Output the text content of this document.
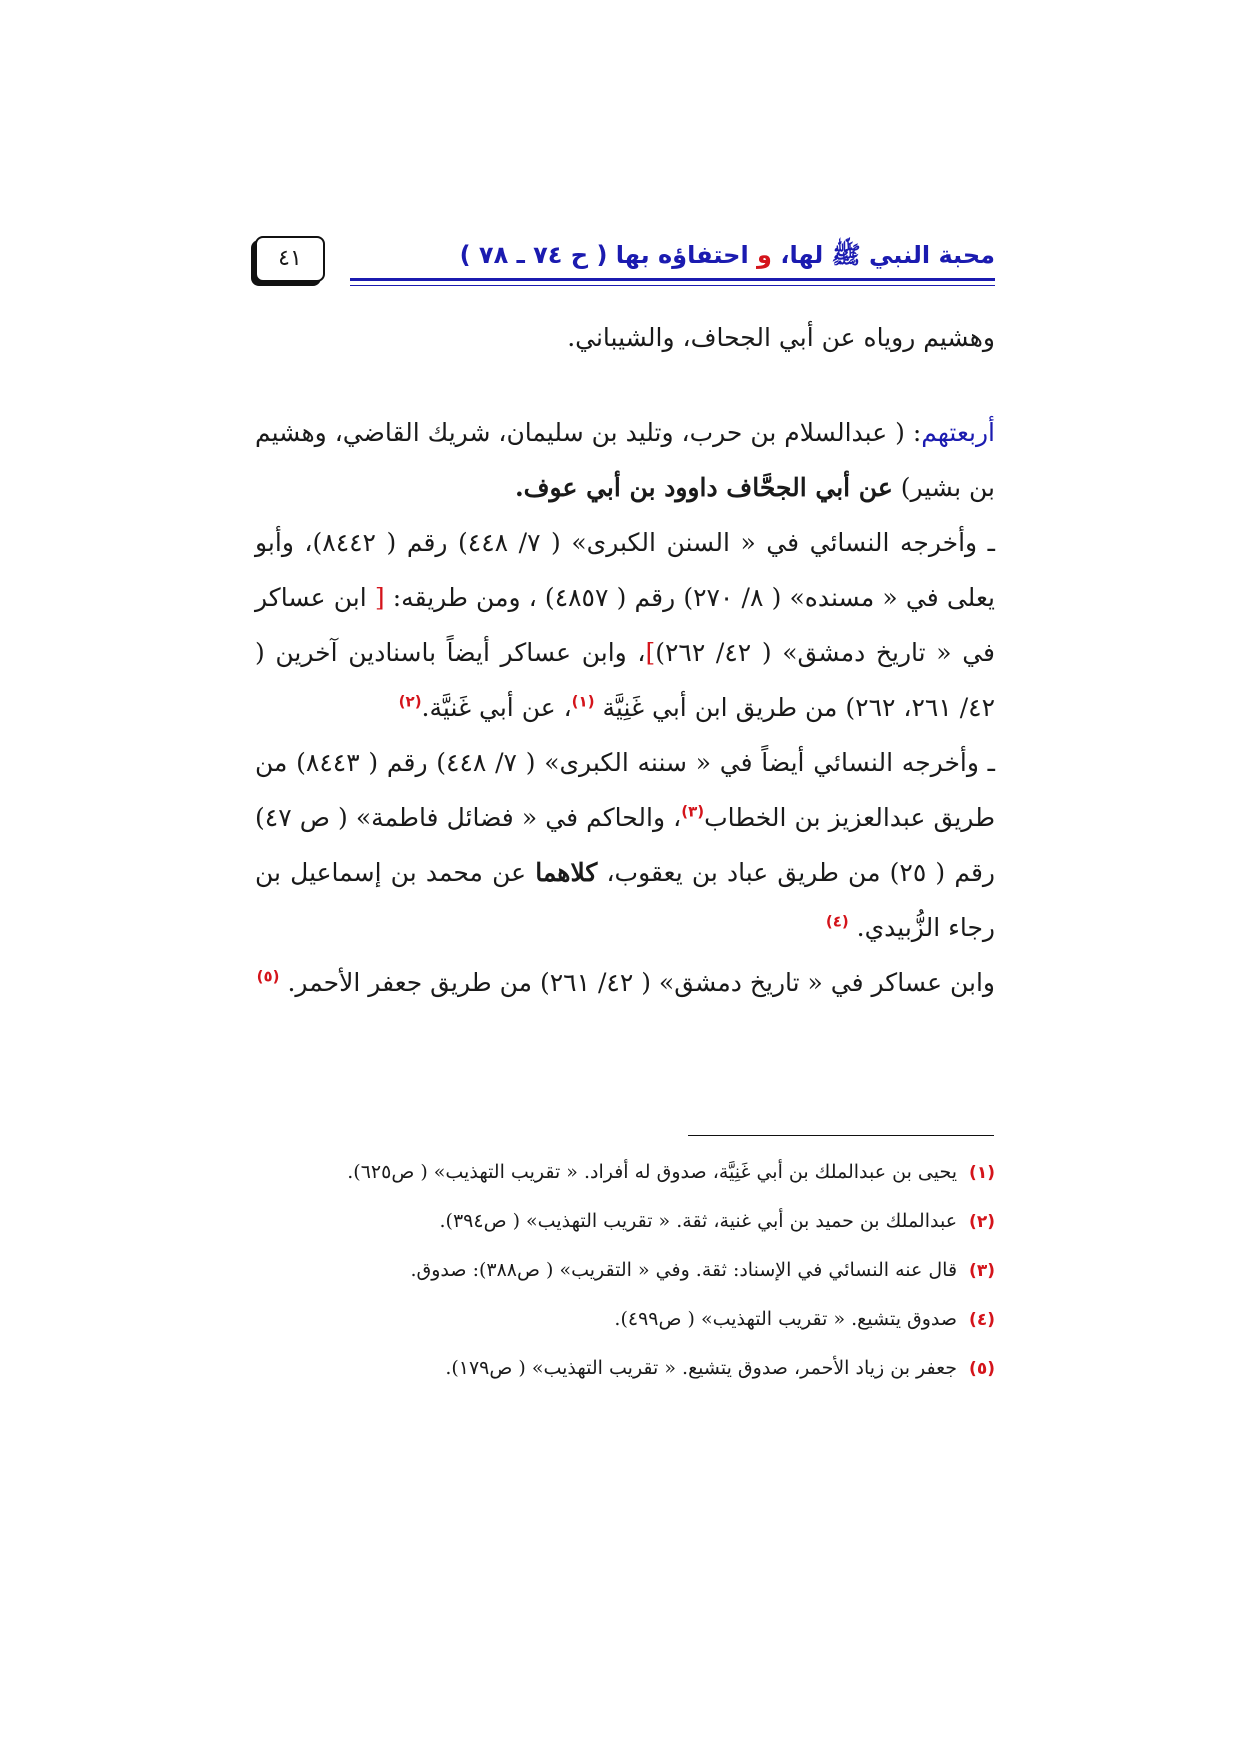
محبة النبي ﷺ لها، و احتفاؤه بها ( ح ٧٤ ـ ٧٨ )
٤١

وهشيم روياه عن أبي الجحاف، والشيباني.

أربعتهم: ( عبدالسلام بن حرب، وتليد بن سليمان، شريك القاضي، وهشيم بن بشير) عن أبي الجحَّاف داوود بن أبي عوف.

ـ وأخرجه النسائي في « السنن الكبرى» ( ٧/ ٤٤٨) رقم ( ٨٤٤٢)، وأبو يعلى في « مسنده» ( ٨/ ٢٧٠) رقم ( ٤٨٥٧) ، ومن طريقه: [ ابن عساكر في « تاريخ دمشق» ( ٤٢/ ٢٦٢)]، وابن عساكر أيضاً باسنادين آخرين ( ٤٢/ ٢٦١، ٢٦٢) من طريق ابن أبي غَنِيَّة $^{(١)}$، عن أبي غَنيَّة.$^{(٢)}$

ـ وأخرجه النسائي أيضاً في « سننه الكبرى» ( ٧/ ٤٤٨) رقم ( ٨٤٤٣) من طريق عبدالعزيز بن الخطاب$^{(٣)}$، والحاكم في « فضائل فاطمة» ( ص ٤٧) رقم ( ٢٥) من طريق عباد بن يعقوب، كلاهما عن محمد بن إسماعيل بن رجاء الزُّبيدي. $^{(٤)}$

وابن عساكر في « تاريخ دمشق» ( ٤٢/ ٢٦١) من طريق جعفر الأحمر. $^{(٥)}$

(١)يحيى بن عبدالملك بن أبي غَنِيَّة، صدوق له أفراد. « تقريب التهذيب» ( ص٦٢٥).
(٢)عبدالملك بن حميد بن أبي غنية، ثقة. « تقريب التهذيب» ( ص٣٩٤).
(٣)قال عنه النسائي في الإسناد: ثقة. وفي « التقريب» ( ص٣٨٨): صدوق.
(٤)صدوق يتشيع. « تقريب التهذيب» ( ص٤٩٩).
(٥)جعفر بن زياد الأحمر، صدوق يتشيع. « تقريب التهذيب» ( ص١٧٩).
